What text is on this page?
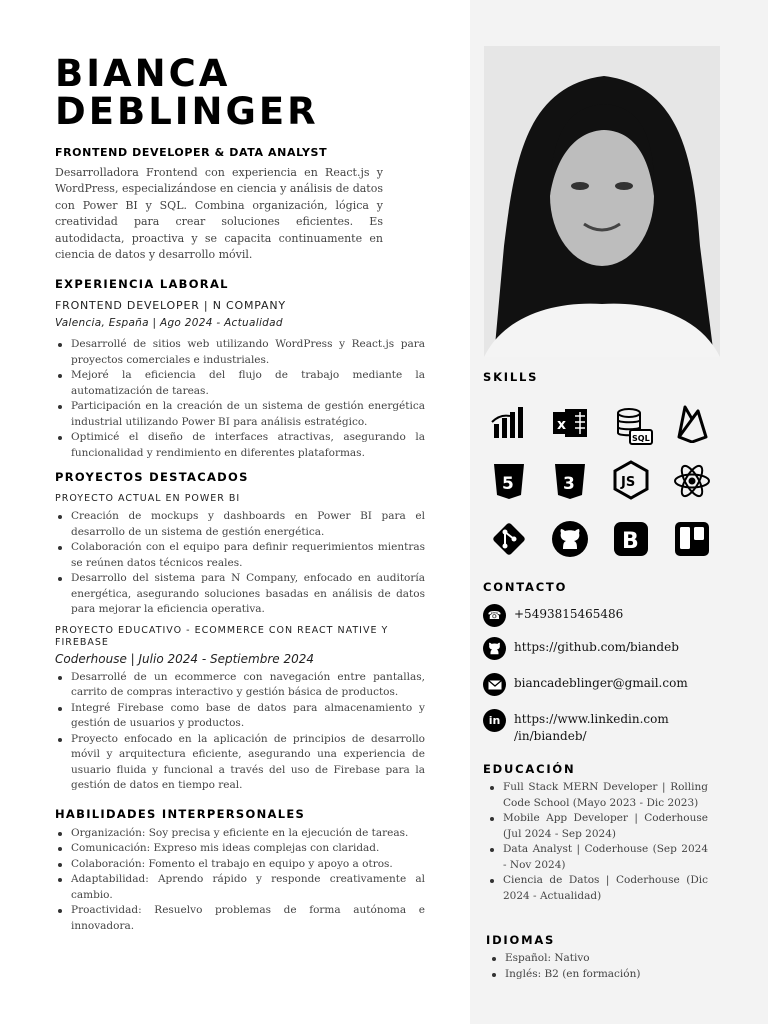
SKILLS
x
SQL
5	3	JS
B
CONTACTO
☎	+5493815465486
https://github.com/biandeb
biancadeblinger@gmail.com
in	https://www.linkedin.com /in/biandeb/
EDUCACIÓN
Full Stack MERN Developer | Rolling Code School (Mayo 2023 - Dic 2023)
Mobile App Developer | Coderhouse (Jul 2024 - Sep 2024)
Data Analyst | Coderhouse (Sep 2024 - Nov 2024)
Ciencia de Datos | Coderhouse (Dic 2024 - Actualidad)
IDIOMAS
Español: Nativo
Inglés: B2 (en formación)
BIANCA
DEBLINGER
FRONTEND DEVELOPER & DATA ANALYST

Desarrolladora Frontend con experiencia en React.js y WordPress, especializándose en ciencia y análisis de datos con Power BI y SQL. Combina organización, lógica y creatividad para crear soluciones eficientes. Es autodidacta, proactiva y se capacita continuamente en ciencia de datos y desarrollo móvil.

EXPERIENCIA LABORAL
FRONTEND DEVELOPER | N COMPANY
Valencia, España | Ago 2024 - Actualidad
Desarrollé de sitios web utilizando WordPress y React.js para proyectos comerciales e industriales.
Mejoré la eficiencia del flujo de trabajo mediante la automatización de tareas.
Participación en la creación de un sistema de gestión energética industrial utilizando Power BI para análisis estratégico.
Optimicé el diseño de interfaces atractivas, asegurando la funcionalidad y rendimiento en diferentes plataformas.
PROYECTOS DESTACADOS
PROYECTO ACTUAL EN POWER BI
Creación de mockups y dashboards en Power BI para el desarrollo de un sistema de gestión energética.
Colaboración con el equipo para definir requerimientos mientras se reúnen datos técnicos reales.
Desarrollo del sistema para N Company, enfocado en auditoría energética, asegurando soluciones basadas en análisis de datos para mejorar la eficiencia operativa.
PROYECTO EDUCATIVO - ECOMMERCE CON REACT NATIVE Y FIREBASE
Coderhouse | Julio 2024 - Septiembre 2024
Desarrollé de un ecommerce con navegación entre pantallas, carrito de compras interactivo y gestión básica de productos.
Integré Firebase como base de datos para almacenamiento y gestión de usuarios y productos.
Proyecto enfocado en la aplicación de principios de desarrollo móvil y arquitectura eficiente, asegurando una experiencia de usuario fluida y funcional a través del uso de Firebase para la gestión de datos en tiempo real.
HABILIDADES INTERPERSONALES
Organización: Soy precisa y eficiente en la ejecución de tareas.
Comunicación: Expreso mis ideas complejas con claridad.
Colaboración: Fomento el trabajo en equipo y apoyo a otros.
Adaptabilidad: Aprendo rápido y responde creativamente al cambio.
Proactividad: Resuelvo problemas de forma autónoma e innovadora.
